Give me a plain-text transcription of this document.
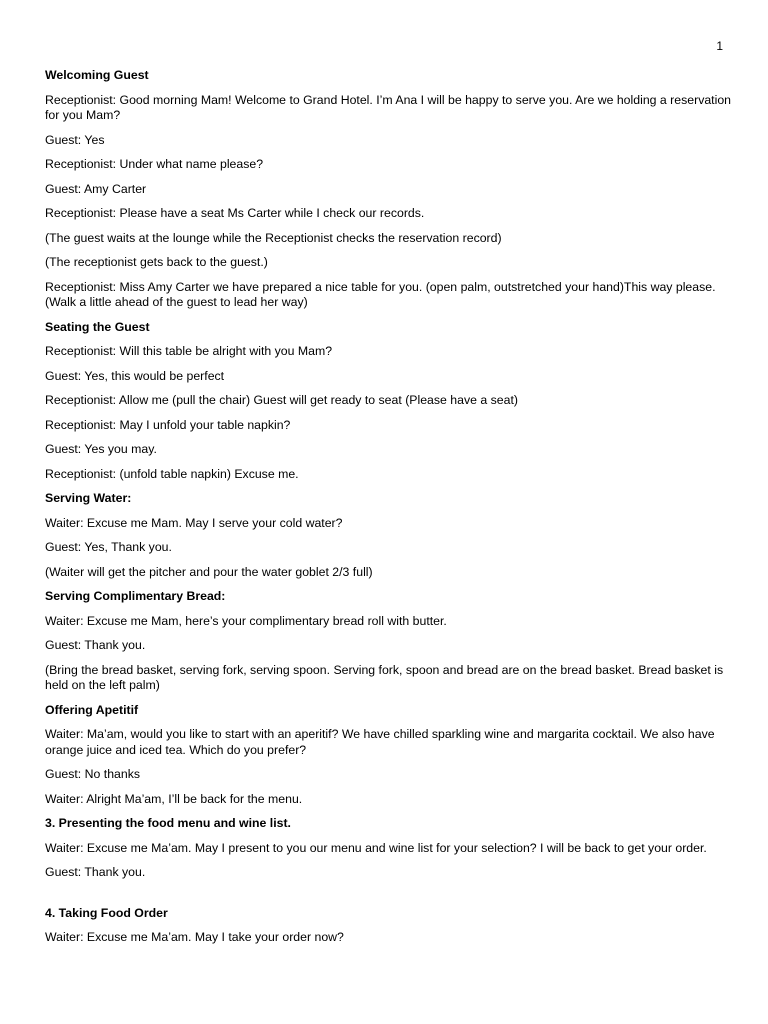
1

Welcoming Guest

Receptionist: Good morning Mam! Welcome to Grand Hotel. I’m Ana I will be happy to serve you. Are we holding a reservation for you Mam?

Guest: Yes

Receptionist: Under what name please?

Guest: Amy Carter

Receptionist: Please have a seat Ms Carter while I check our records.

(The guest waits at the lounge while the Receptionist checks the reservation record)

(The receptionist gets back to the guest.)

Receptionist: Miss Amy Carter we have prepared a nice table for you. (open palm, outstretched your hand)This way please. (Walk a little ahead of the guest to lead her way)

Seating the Guest

Receptionist: Will this table be alright with you Mam?

Guest: Yes, this would be perfect

Receptionist: Allow me (pull the chair) Guest will get ready to seat (Please have a seat)

Receptionist: May I unfold your table napkin?

Guest: Yes you may.

Receptionist: (unfold table napkin) Excuse me.

Serving Water:

Waiter: Excuse me Mam. May I serve your cold water?

Guest: Yes, Thank you.

(Waiter will get the pitcher and pour the water goblet 2/3 full)

Serving Complimentary Bread:

Waiter: Excuse me Mam, here’s your complimentary bread roll with butter.

Guest: Thank you.

(Bring the bread basket, serving fork, serving spoon. Serving fork, spoon and bread are on the bread basket. Bread basket is held on the left palm)

Offering Apetitif

Waiter: Ma’am, would you like to start with an aperitif? We have chilled sparkling wine and margarita cocktail. We also have orange juice and iced tea. Which do you prefer?

Guest: No thanks

Waiter: Alright Ma’am, I’ll be back for the menu.

3. Presenting the food menu and wine list.

Waiter: Excuse me Ma’am. May I present to you our menu and wine list for your selection? I will be back to get your order.

Guest: Thank you.

4. Taking Food Order

Waiter: Excuse me Ma’am. May I take your order now?
